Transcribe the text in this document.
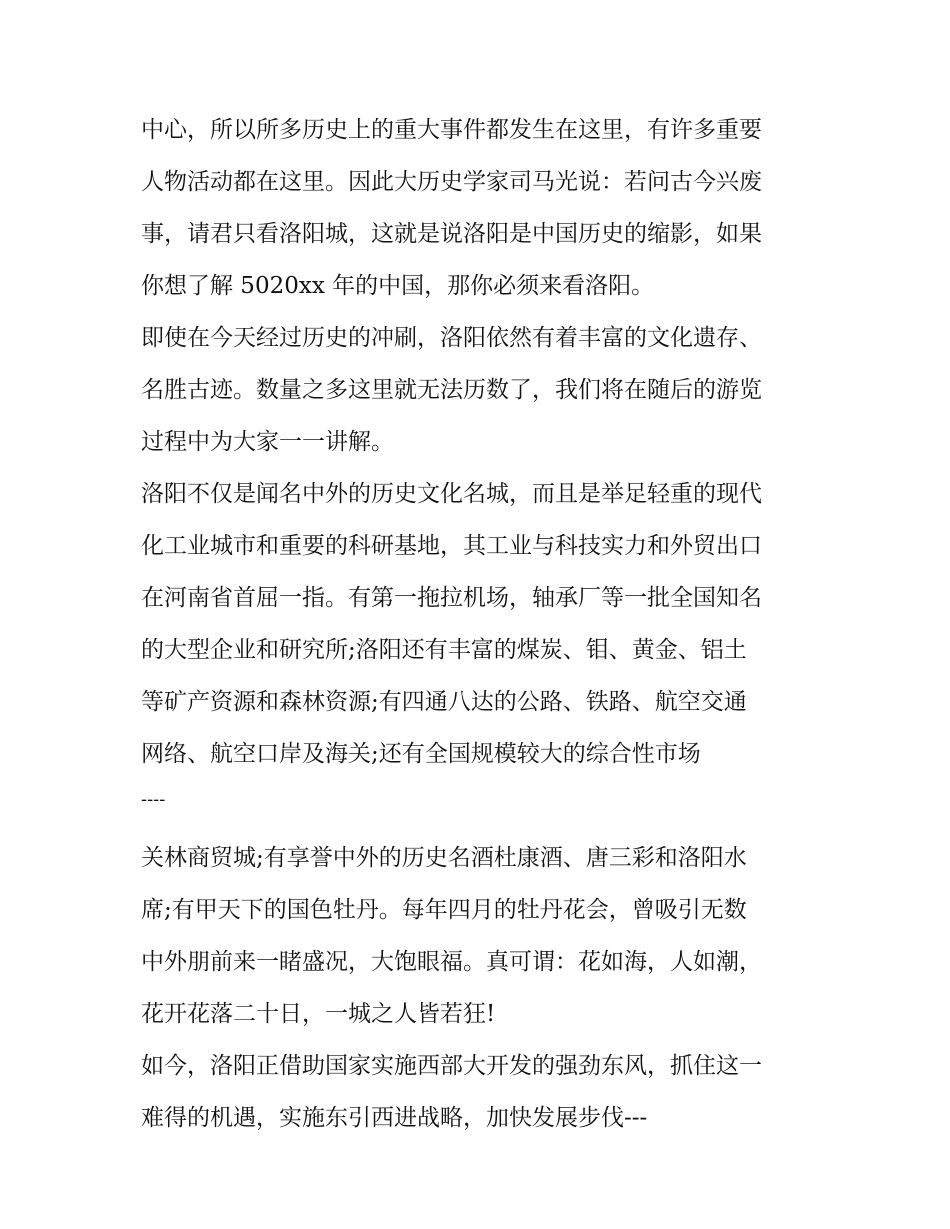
中心，所以所多历史上的重大事件都发生在这里，有许多重要
人物活动都在这里。因此大历史学家司马光说：若问古今兴废
事，请君只看洛阳城，这就是说洛阳是中国历史的缩影，如果
你想了解 5020xx 年的中国，那你必须来看洛阳。
即使在今天经过历史的冲刷，洛阳依然有着丰富的文化遗存、
名胜古迹。数量之多这里就无法历数了，我们将在随后的游览
过程中为大家一一讲解。
洛阳不仅是闻名中外的历史文化名城，而且是举足轻重的现代
化工业城市和重要的科研基地，其工业与科技实力和外贸出口
在河南省首屈一指。有第一拖拉机场，轴承厂等一批全国知名
的大型企业和研究所;洛阳还有丰富的煤炭、钼、黄金、铝土
等矿产资源和森林资源;有四通八达的公路、铁路、航空交通
网络、航空口岸及海关;还有全国规模较大的综合性市场
----
关林商贸城;有享誉中外的历史名酒杜康酒、唐三彩和洛阳水
席;有甲天下的国色牡丹。每年四月的牡丹花会，曾吸引无数
中外朋前来一睹盛况，大饱眼福。真可谓：花如海，人如潮，
花开花落二十日，一城之人皆若狂!
如今，洛阳正借助国家实施西部大开发的强劲东风，抓住这一
难得的机遇，实施东引西进战略，加快发展步伐---
